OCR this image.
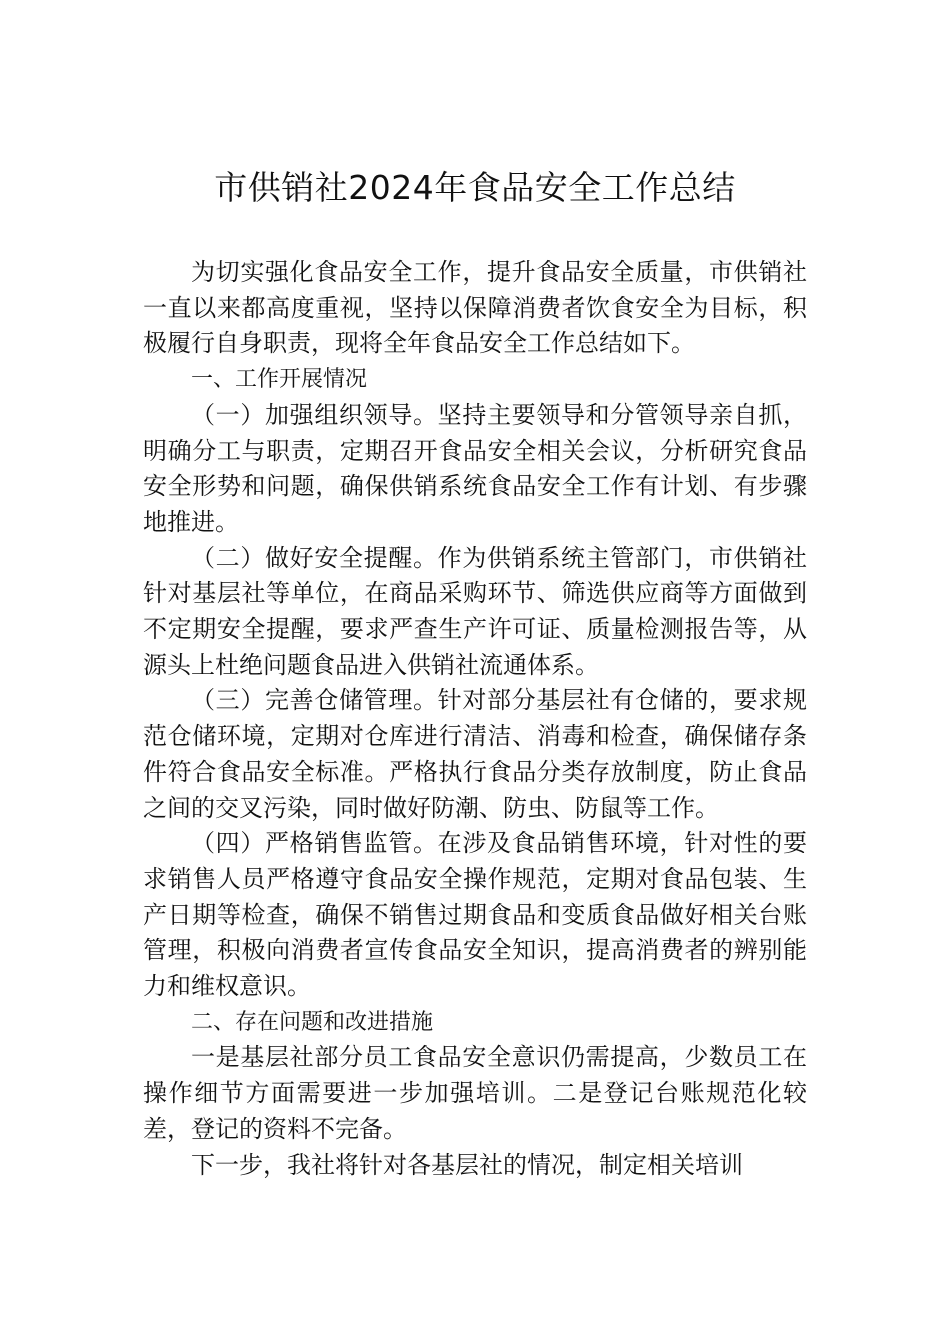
市供销社2024年食品安全工作总结

为切实强化食品安全工作，提升食品安全质量，市供销社一直以来都高度重视，坚持以保障消费者饮食安全为目标，积极履行自身职责，现将全年食品安全工作总结如下。

一、工作开展情况

（一）加强组织领导。坚持主要领导和分管领导亲自抓，明确分工与职责，定期召开食品安全相关会议，分析研究食品安全形势和问题，确保供销系统食品安全工作有计划、有步骤地推进。

（二）做好安全提醒。作为供销系统主管部门，市供销社针对基层社等单位，在商品采购环节、筛选供应商等方面做到不定期安全提醒，要求严查生产许可证、质量检测报告等，从源头上杜绝问题食品进入供销社流通体系。

（三）完善仓储管理。针对部分基层社有仓储的，要求规范仓储环境，定期对仓库进行清洁、消毒和检查，确保储存条件符合食品安全标准。严格执行食品分类存放制度，防止食品之间的交叉污染，同时做好防潮、防虫、防鼠等工作。

（四）严格销售监管。在涉及食品销售环境，针对性的要求销售人员严格遵守食品安全操作规范，定期对食品包装、生产日期等检查，确保不销售过期食品和变质食品做好相关台账管理，积极向消费者宣传食品安全知识，提高消费者的辨别能力和维权意识。

二、存在问题和改进措施

一是基层社部分员工食品安全意识仍需提高，少数员工在操作细节方面需要进一步加强培训。二是登记台账规范化较差，登记的资料不完备。

下一步，我社将针对各基层社的情况，制定相关培训
